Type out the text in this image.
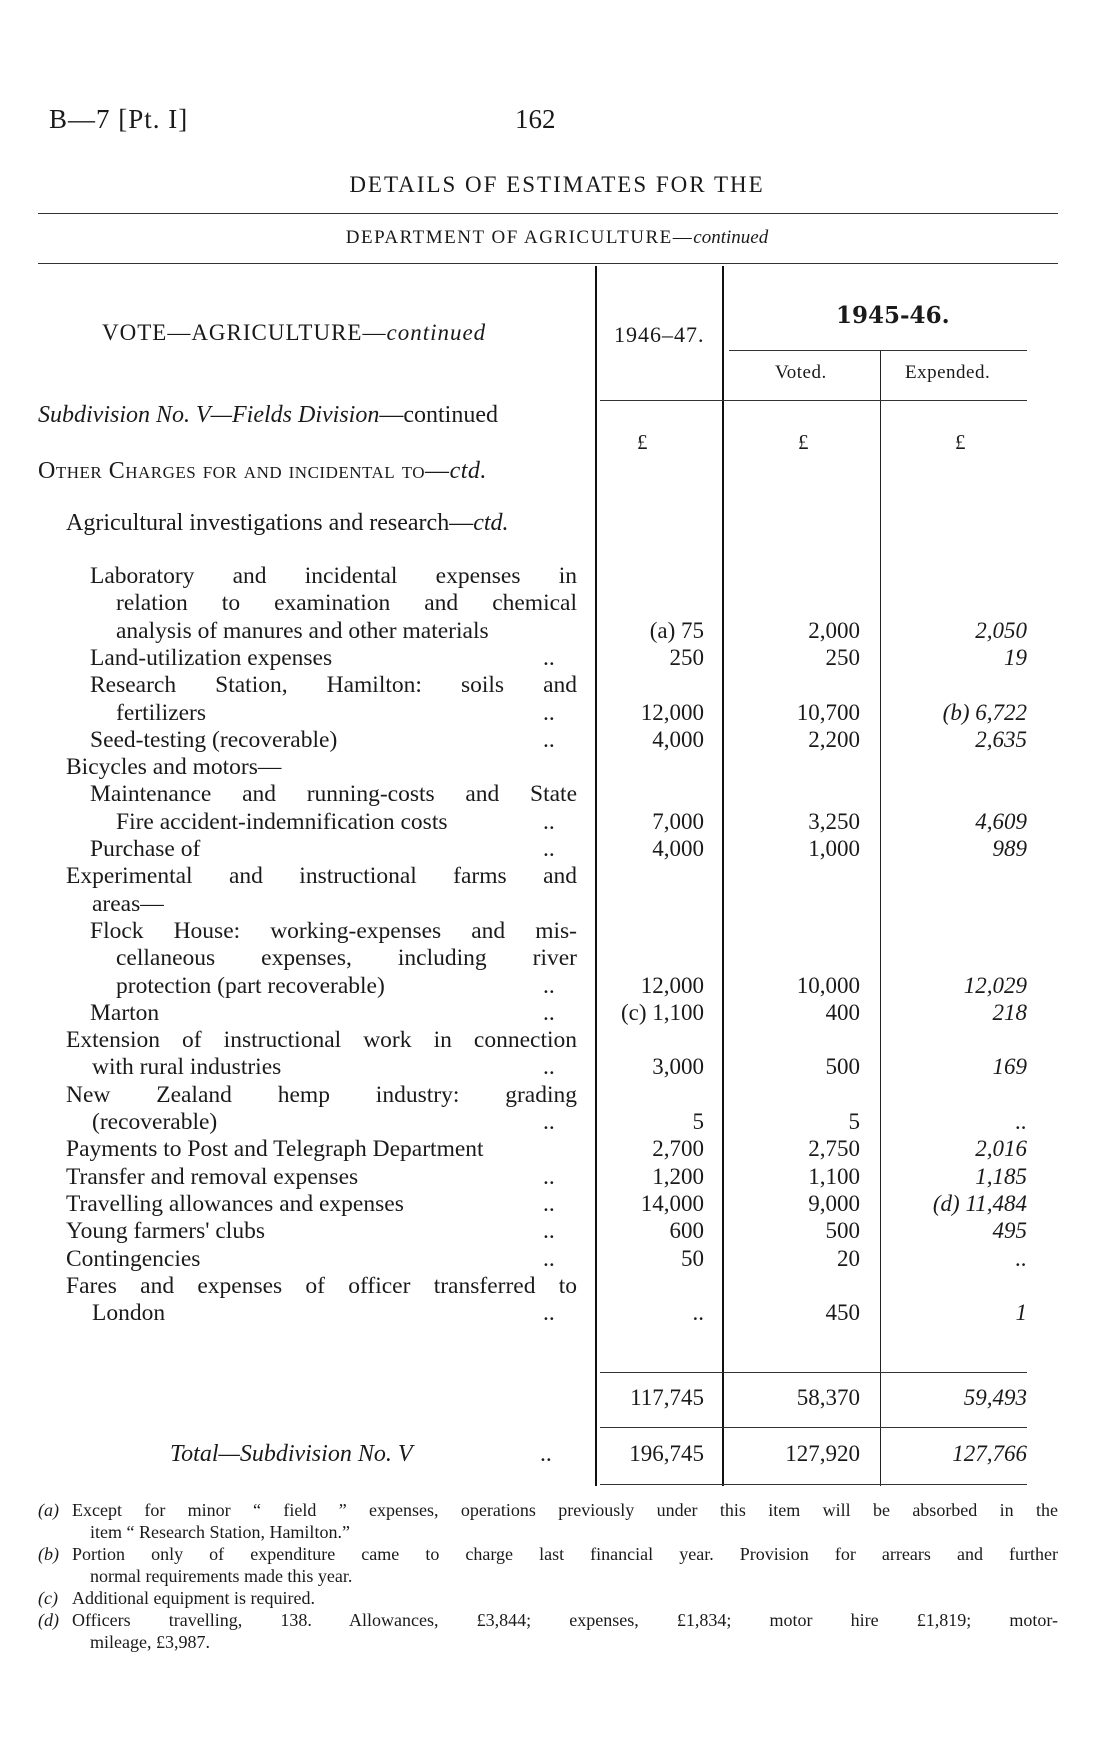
B—7 [Pt. I]	162
DETAILS OF ESTIMATES FOR THE
DEPARTMENT OF AGRICULTURE—continued
VOTE—AGRICULTURE—continued	1946–47.
1945-46.
Voted.	Expended.
£	£	£
Subdivision No. V—Fields Division—continued
Other Charges for and incidental to—ctd.
Agricultural investigations and research—ctd.
Laboratory and incidental expenses in
relation to examination and chemical
analysis of manures and other materials	(a) 75	2,000	2,050
Land-utilization expenses	..	250	250	19
Research Station, Hamilton: soils and
fertilizers	..	12,000	10,700	(b) 6,722
Seed-testing (recoverable)	..	4,000	2,200	2,635
Bicycles and motors—
Maintenance and running-costs and State
Fire accident-indemnification costs	..	7,000	3,250	4,609
Purchase of	..	4,000	1,000	989
Experimental and instructional farms and
areas—
Flock House: working-expenses and mis-
cellaneous expenses, including river
protection (part recoverable)	..	12,000	10,000	12,029
Marton	..	(c) 1,100	400	218
Extension of instructional work in connection
with rural industries	..	3,000	500	169
New Zealand hemp industry: grading
(recoverable)	..	5	5	..
Payments to Post and Telegraph Department	2,700	2,750	2,016
Transfer and removal expenses	..	1,200	1,100	1,185
Travelling allowances and expenses	..	14,000	9,000	(d) 11,484
Young farmers' clubs	..	600	500	495
Contingencies	..	50	20	..
Fares and expenses of officer transferred to
London	..	..	450	1
117,745	58,370	59,493
Total—Subdivision No. V	..	196,745	127,920	127,766
(a) Except for minor “ field ” expenses, operations previously under this item will be absorbed in the
item “ Research Station, Hamilton.”
(b) Portion only of expenditure came to charge last financial year. Provision for arrears and further
normal requirements made this year.
(c) Additional equipment is required.
(d) Officers travelling, 138. Allowances, £3,844; expenses, £1,834; motor hire £1,819; motor-
mileage, £3,987.
